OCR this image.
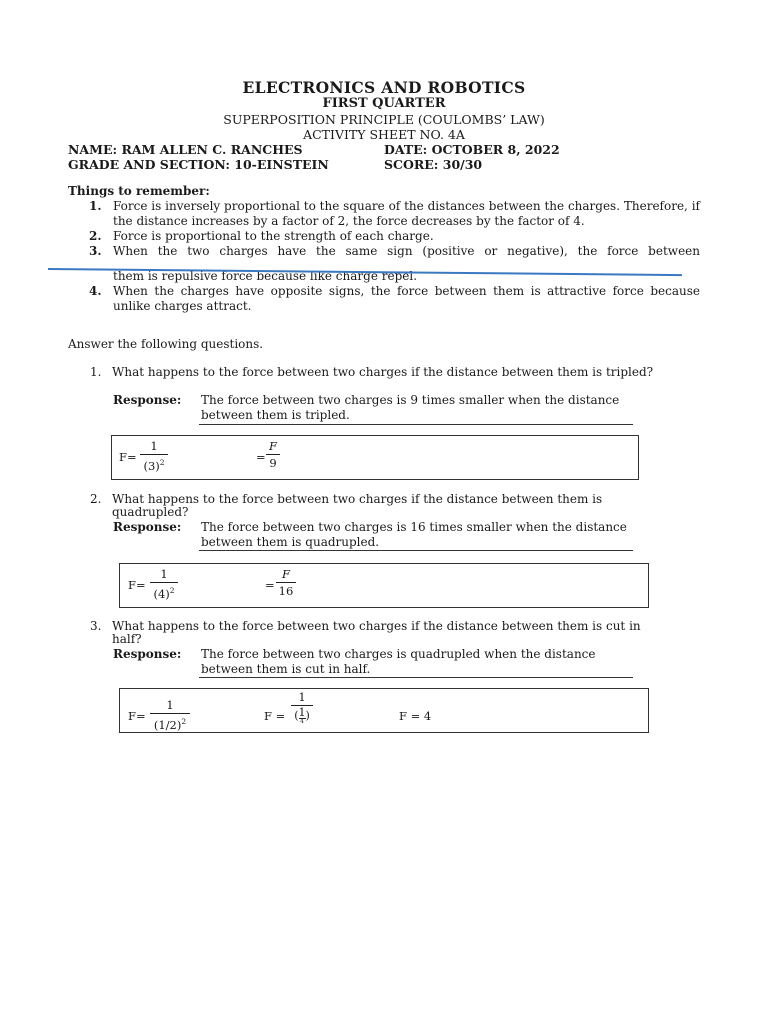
ELECTRONICS AND ROBOTICS
FIRST QUARTER
SUPERPOSITION PRINCIPLE (COULOMBS’ LAW)
ACTIVITY SHEET NO. 4A
NAME: RAM ALLEN C. RANCHES	DATE: OCTOBER 8, 2022
GRADE AND SECTION: 10-EINSTEIN	SCORE: 30/30
Things to remember:
1. Force is inversely proportional to the square of the distances between the charges. Therefore, if the distance increases by a factor of 2, the force decreases by the factor of 4.
2. Force is proportional to the strength of each charge.
3. When the two charges have the same sign (positive or negative), the force between
them is repulsive force because like charge repel.
4. When the charges have opposite signs, the force between them is attractive force because unlike charges attract.
Answer the following questions.
1. What happens to the force between two charges if the distance between them is tripled?
Response: The force between two charges is 9 times smaller when the distance between them is tripled.
F=
1
$(3)^2$	=
F
9
2. What happens to the force between two charges if the distance between them is quadrupled?
Response: The force between two charges is 16 times smaller when the distance between them is quadrupled.
F=
1
$(4)^2$	=
F
16
3. What happens to the force between two charges if the distance between them is cut in half?
Response: The force between two charges is quadrupled when the distance between them is cut in half.
F=
1
$(1/2)^2$	F =
1
( 1
4 )	F = 4
